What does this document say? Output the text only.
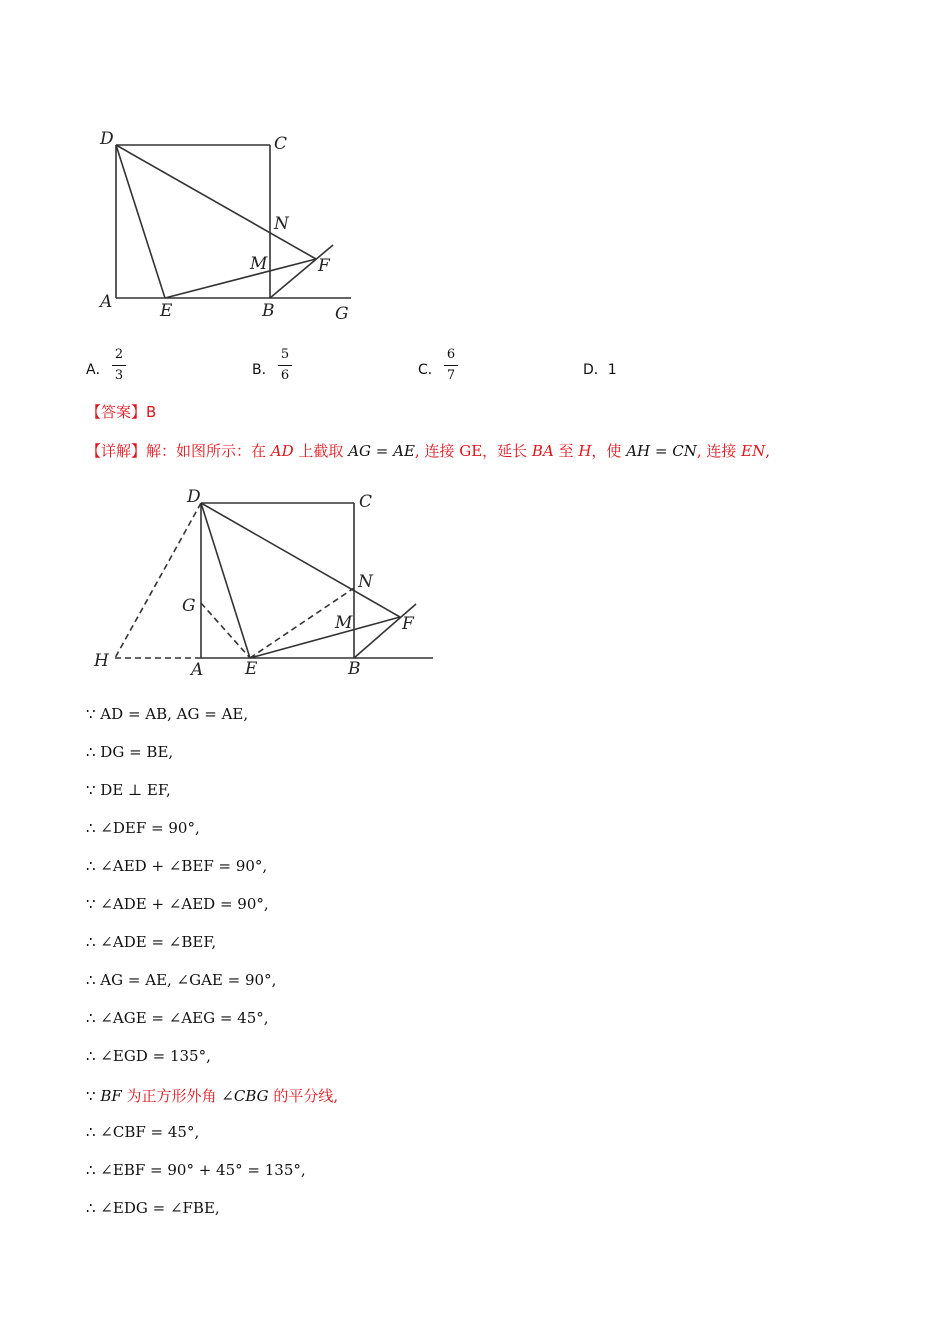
D	C
N
M	F
A	E	B	G
A．
2
3	B．
5
6	C．
6
7	D．1
【答案】B
【详解】解：如图所示：在 AD 上截取 AG = AE, 连接 GE，延长 BA 至 H，使 AH = CN, 连接 EN,
D	C
N
G
M	F
H	A E	B
∵ AD = AB, AG = AE,
∴ DG = BE,
∵ DE ⊥ EF,
∴ ∠DEF = 90°,
∴ ∠AED + ∠BEF = 90°,
∵ ∠ADE + ∠AED = 90°,
∴ ∠ADE = ∠BEF,
∴ AG = AE, ∠GAE = 90°,
∴ ∠AGE = ∠AEG = 45°,
∴ ∠EGD = 135°,
∵ BF 为正方形外角 ∠CBG 的平分线,
∴ ∠CBF = 45°,
∴ ∠EBF = 90° + 45° = 135°,
∴ ∠EDG = ∠FBE,
